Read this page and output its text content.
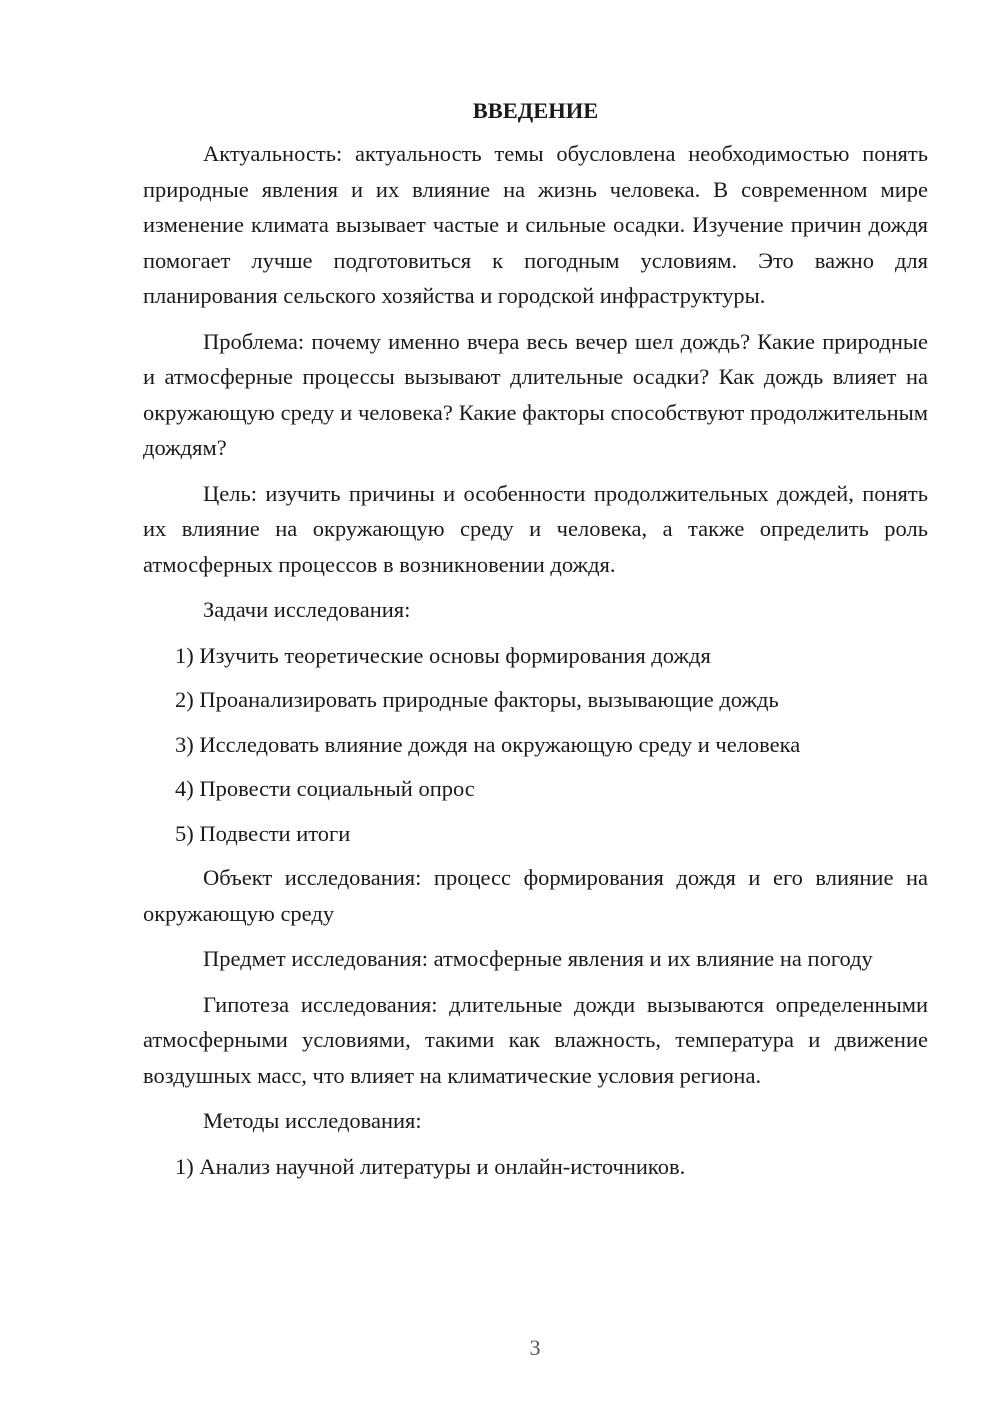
ВВЕДЕНИЕ

Актуальность: актуальность темы обусловлена необходимостью понять природные явления и их влияние на жизнь человека. В современном мире изменение климата вызывает частые и сильные осадки. Изучение причин дождя помогает лучше подготовиться к погодным условиям. Это важно для планирования сельского хозяйства и городской инфраструктуры.

Проблема: почему именно вчера весь вечер шел дождь? Какие природные и атмосферные процессы вызывают длительные осадки? Как дождь влияет на окружающую среду и человека? Какие факторы способствуют продолжительным дождям?

Цель: изучить причины и особенности продолжительных дождей, понять их влияние на окружающую среду и человека, а также определить роль атмосферных процессов в возникновении дождя.

Задачи исследования:

1) Изучить теоретические основы формирования дождя
2) Проанализировать природные факторы, вызывающие дождь
3) Исследовать влияние дождя на окружающую среду и человека
4) Провести социальный опрос
5) Подвести итоги

Объект исследования: процесс формирования дождя и его влияние на окружающую среду

Предмет исследования: атмосферные явления и их влияние на погоду

Гипотеза исследования: длительные дожди вызываются определенными атмосферными условиями, такими как влажность, температура и движение воздушных масс, что влияет на климатические условия региона.

Методы исследования:

1) Анализ научной литературы и онлайн-источников.
3
